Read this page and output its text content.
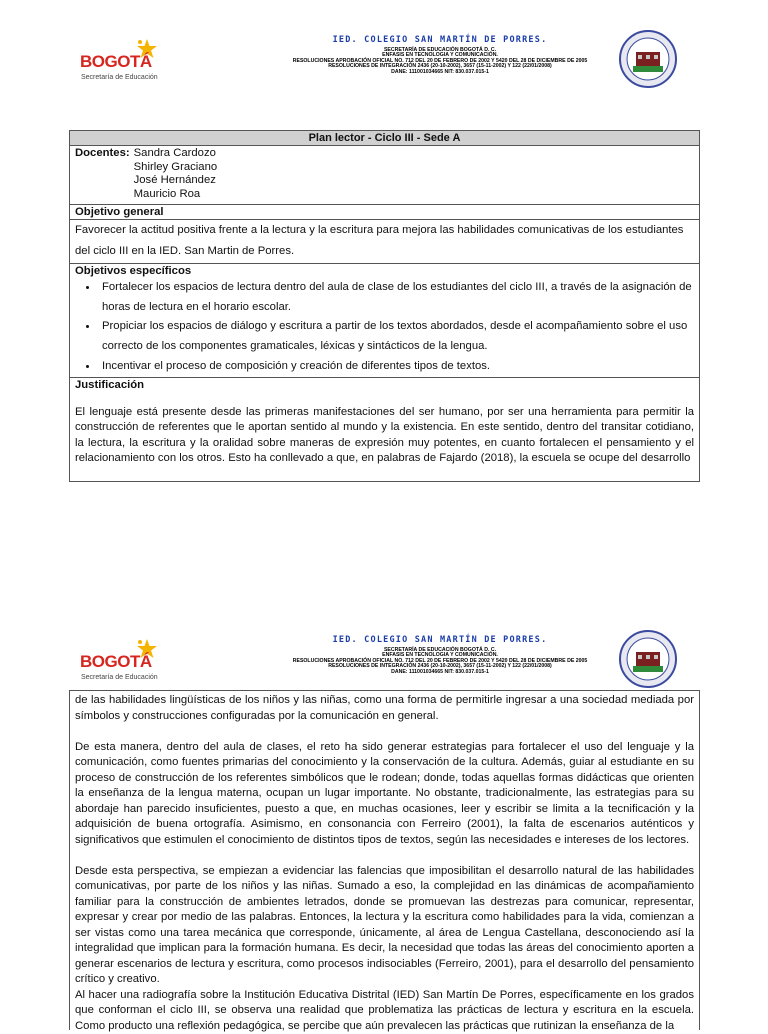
BOGOTÁ
Secretaría de Educación
IED. COLEGIO SAN MARTÍN DE PORRES.
SECRETARÍA DE EDUCACIÓN BOGOTÁ D. C.
ENFASIS EN TECNOLOGIA Y COMUNICACIÓN.
RESOLUCIONES APROBACIÓN OFICIAL NO. 712 DEL 20 DE FEBRERO DE 2002 Y 5420 DEL 28 DE DICIEMBRE DE 2005
RESOLUCIONES DE INTEGRACIÓN 2436 (20-10-2002), 3657 (15-11-2002) Y 122 (22/01/2008)
DANE: 111001034665 NIT: 830.037.015-1
Plan lector - Ciclo III - Sede A
Docentes: Sandra Cardozo
Shirley Graciano
José Hernández
Mauricio Roa
Objetivo general
Favorecer la actitud positiva frente a la lectura y la escritura para mejora las habilidades comunicativas de los estudiantes del ciclo III en la IED. San Martin de Porres.
Objetivos específicos
• Fortalecer los espacios de lectura dentro del aula de clase de los estudiantes del ciclo III, a través de la asignación de horas de lectura en el horario escolar.
• Propiciar los espacios de diálogo y escritura a partir de los textos abordados, desde el acompañamiento sobre el uso correcto de los componentes gramaticales, léxicas y sintácticos de la lengua.
• Incentivar el proceso de composición y creación de diferentes tipos de textos.
Justificación
El lenguaje está presente desde las primeras manifestaciones del ser humano, por ser una herramienta para permitir la construcción de referentes que le aportan sentido al mundo y la existencia. En este sentido, dentro del transitar cotidiano, la lectura, la escritura y la oralidad sobre maneras de expresión muy potentes, en cuanto fortalecen el pensamiento y el relacionamiento con los otros. Esto ha conllevado a que, en palabras de Fajardo (2018), la escuela se ocupe del desarrollo
BOGOTÁ
Secretaría de Educación
IED. COLEGIO SAN MARTÍN DE PORRES.
SECRETARÍA DE EDUCACIÓN BOGOTÁ D. C.
ENFASIS EN TECNOLOGIA Y COMUNICACIÓN.
RESOLUCIONES APROBACIÓN OFICIAL NO. 712 DEL 20 DE FEBRERO DE 2002 Y 5420 DEL 28 DE DICIEMBRE DE 2005
RESOLUCIONES DE INTEGRACIÓN 2436 (20-10-2002), 3657 (15-11-2002) Y 122 (22/01/2008)
DANE: 111001034665 NIT: 830.037.015-1

de las habilidades lingüísticas de los niños y las niñas, como una forma de permitirle ingresar a una sociedad mediada por símbolos y construcciones configuradas por la comunicación en general.

De esta manera, dentro del aula de clases, el reto ha sido generar estrategias para fortalecer el uso del lenguaje y la comunicación, como fuentes primarias del conocimiento y la conservación de la cultura. Además, guiar al estudiante en su proceso de construcción de los referentes simbólicos que le rodean; donde, todas aquellas formas didácticas que orienten la enseñanza de la lengua materna, ocupan un lugar importante. No obstante, tradicionalmente, las estrategias para su abordaje han parecido insuficientes, puesto a que, en muchas ocasiones, leer y escribir se limita a la tecnificación y la adquisición de buena ortografía. Asimismo, en consonancia con Ferreiro (2001), la falta de escenarios auténticos y significativos que estimulen el conocimiento de distintos tipos de textos, según las necesidades e intereses de los lectores.

Desde esta perspectiva, se empiezan a evidenciar las falencias que imposibilitan el desarrollo natural de las habilidades comunicativas, por parte de los niños y las niñas. Sumado a eso, la complejidad en las dinámicas de acompañamiento familiar para la construcción de ambientes letrados, donde se promuevan las destrezas para comunicar, representar, expresar y crear por medio de las palabras. Entonces, la lectura y la escritura como habilidades para la vida, comienzan a ser vistas como una tarea mecánica que corresponde, únicamente, al área de Lengua Castellana, desconociendo así la integralidad que implican para la formación humana. Es decir, la necesidad que todas las áreas del conocimiento aporten a generar escenarios de lectura y escritura, como procesos indisociables (Ferreiro, 2001), para el desarrollo del pensamiento crítico y creativo.

Al hacer una radiografía sobre la Institución Educativa Distrital (IED) San Martín De Porres, específicamente en los grados que conforman el ciclo III, se observa una realidad que problematiza las prácticas de lectura y escritura en la escuela. Como producto una reflexión pedagógica, se percibe que aún prevalecen las prácticas que rutinizan la enseñanza de la
